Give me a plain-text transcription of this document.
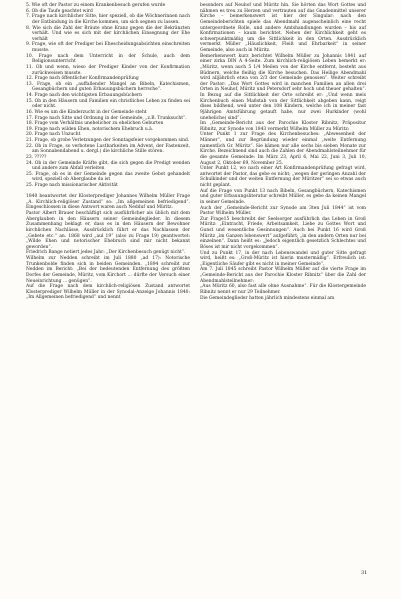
5. Wie oft der Pastor zu einem Krankenbesuch gerufen wurde

6. Ob die Taufe geachtet wird

7. Frage nach kirchlicher Sitte, hier speziell, ob die Wöchnerinnen nach der Entbindung in die Kirche kommen, um sich segnen zu lassen.

8. Wie sich die Zahl der Bräute ohne Kranz gegen die der Bekränzten verhält. Und wie es sich mit der kirchlichen Einsegnung der Ehe verhält

9. Frage, wie oft der Prediger bei Ehescheidungsabsichten einschreiten musste.

10. Frage nach dem Unterricht in der Schule, auch dem Religionsunterricht

11. Ob und wenn, wieso der Prediger Kinder von der Konfirmation zurückweisen musste.

12. Frage nach öffentlicher Konfirmandenprüfung

13. Frage, ob ein „auffallender Mangel an Bibeln, Katechismen, Gesangbüchern und guten Erbauungsbüchern herrsche“.

14. Frage nach den wichtigsten Erbauungsbüchern

15. Ob in den Häusern und Familien ein christliches Leben zu finden sei oder nicht.

16. Wie es um die Kinderzucht in der Gemeinde steht

17. Frage nach Sitte und Ordnung in der Gemeinde, „z.B. Trunksucht“.

18. Frage vom Verhältnis unehelicher zu ehelichen Geburten

19. Frage nach wilden Ehen, notorischem Ehebruch u.ä.

20. Frage nach Unzucht

21. Frage, ob grobe Verletzungen der Sonntagsfeier vorgekommen sind.

22. Ob in Frage, so verbotene Lustbarkeiten im Advent, der Fastenzeit, am Sonnabendabend u. dergl.) die kirchliche Stille stören.

23. ?????

24. Ob in der Gemeinde Kräfte gibt, die sich gegen die Predigt wenden und andere zum Abfall verleiten

25. Frage, ob es in der Gemeinde gegen das zweite Gebot gehandelt wird, speziell ob Aberglaube da ist

25. Frage nach missionarischer Aktivität

1840 beantwortet der Klosterprediger Johannes Wilhelm Müller Frage „A. Kirchlich-religiöser Zustand“ so: „Im allgemeinen befriedigend“. Eingeschlossen in diese Antwort waren auch Nedduf und Müritz.

Pastor Albert Brauer beschäftigt sich ausführlicher als üblich mit dem Aberglauben in den Häusern seiner Gemeindeglieder. In diesem Zusammenhang beklagt er, dass es in den Häusern der Bewohner kirchlichen Nachlässe, Ausdrücklich führt er das Nachlassen der „Gebete etc.“ an. 1868 wird „aul 19“ (also zu Frage 19) geantwortet: „Wilde Ehen und notorischer Ehebruch sind mir nicht bekannt geworden“.

Friedrich Bange notiert jedes Jahr: „Der Kirchenbesuch genügt nicht“.

Wilhelm zur Nedden schreibt im Juli 1880 „ad 17): Notorische Trunkenbolde finden sich in beiden Gemeinden. „1894 schreibt zur Nedden im Bericht: „Bei der bedeutenden Entfernung des größten Dorfes der Gemeinde, Müritz, vom Kirchort ... dürfte der Versuch einer Neueinrichtung ... genügen“.

Auf die Frage nach dem kirchlich-religiösen Zustand antwortet Klosterprediger Wilhelm Müller in der Synodal-Anzeige Johannis 1840: „Im Allgemeinen befriedigend“ und nennt

besonders auf Neuhof und Müritz hin. Sie hörten das Wort Gottes und nähmen es treu zu Herzen und vertrauten auf das Gnadenmittel unserer Kirche – bemerkenswert ist hier der Singular: nach den Gemeindeberichten spiele das Abendmahl augenscheinlich eine recht untergeordnete Rolle, und andere Amtshandlungen wurden – bis auf Konfirmationen – kaum berichtet. Neben der Kirchlichkeit geht es schwerpunktmäßig um die Sittlichkeit in den Orten. Ausdrücklich vermerkt Müller „Häuslichkeit, Fleiß und Ehrbarkeit“ in seiner Gemeinde, also auch in Müritz.

Bemerkenswert kurz berichtet Wilhelm Müller zu Johannis 1841 auf einer zirka DIN A 4-Seite. Zum kirchlich-religiösen Leben bemerkt er: „Müritz, wenn auch 5 1/4 Meilen von der Kirche entfernt, besteht aus Büdnern, welche fleißig die Kirche besuchen. Das Heilige Abendmahl wird alljährlich etwa von 2/3 der Gemeinde genossen“. Weiter schreibt der Pastor: „Das Wort Gottes wird in manchen Familien an allen drei Orten in Neuhof, Müritz und Petersdorf sehr hoch und theuer gehalten“. In Bezug auf die Sittlichkeit der Orte schreibt er: „Und wenn meis Kirchenbuch einen Maßstab von der Sittlichkeit abgeben kann, reigt dises bildhend, weil unter den 108 Kindern, welche ich in meiner fast 9jährigen Amtsführung getauft habe, nur zwei Hurkinder (wohl uneheliche) sind“.

Im „Gemeinde-Bericht aus der Parochie Kloster Ribnitz, Präpositur Ribnitz, zur Synode von 1843 vermerkt Wilhelm Müller zu Müritz:

Unter Punkt 1 zur Frage des Kirchenbesuches: „Abwesenheit der Männer“, und zur Begründung wieder einmal „weite Entfernung namentlich Gr. Müritz“. Sie kämen nur alle sechs bis sieben Monate zur Kirche. Bezeichnend sind auch die Zahlen der Abendmahlsteilnehmer für die gesamte Gemeinde: Im März 23, April 6, Mai 22, Juni 3, Juli 10, August 2, Oktober 69, November 25.

Unter Punkt 12, wo nach einer Art Konfirmandenprüfung gefragt wird, antwortet der Pastor, das gebe es nicht; „wegen der geringen Anzahl der Schulkinder und der weiten Entfernung der Müritzer“ sei so etwas auch nicht geplant.

Auf die Frage von Punkt 13 nach Bibeln, Gesangbüchern, Katechismen und guter Erbauungsliteratur schreibt Müller, es gebe da keinen Mangel in seiner Gemeinde.

Auch der „Gemeinde-Bericht zur Synode am 3ten Juli 1844“ ist vom Pastor Wilhelm Müller.

Zur Frage15 beschreibt der Seelsorger ausführlich das Leben in Groß Müritz: „Eintracht, Friede, Arbeitsamkeit, Liebe zu Gottes Wort und Gunst und wesentliche Gesinnungen“. Auch bei Punkt 16 wird Groß Müritz „im Ganzen lobenswert“ aufgeführt; „in den andern Orten nur bei einzelnen“. Dann heißt es: „Jedoch eigentlich gesetzlich Schlechtes und Böses ist mir nicht vorgekommen“.

Und zu Punkt 17, in der nach Lebenswandel und guter Sitte gefragt wird, heißt es: „Groß-Müritz ist hierin mustermäßig“. Erfreulich ist: „Eigentliche Säufer gibt es nicht in meiner Gemeinde“.

Am 7. Juli 1845 schreibt Pastor Wilhelm Müller auf die vierte Frage im „Gemeinde-Bericht aus der Parochie Kloster Ribnitz“ über die Zahl der Abendmahlsteilnehmer:

„Aus Müritz 60, also fast alle ohne Ausnahme“. Für die Klostergemeinde Ribnitz nennt er nur 29 Teilnehmer.

Die Gemeindeglieder hatten jährlich mindestens einmal am

31
